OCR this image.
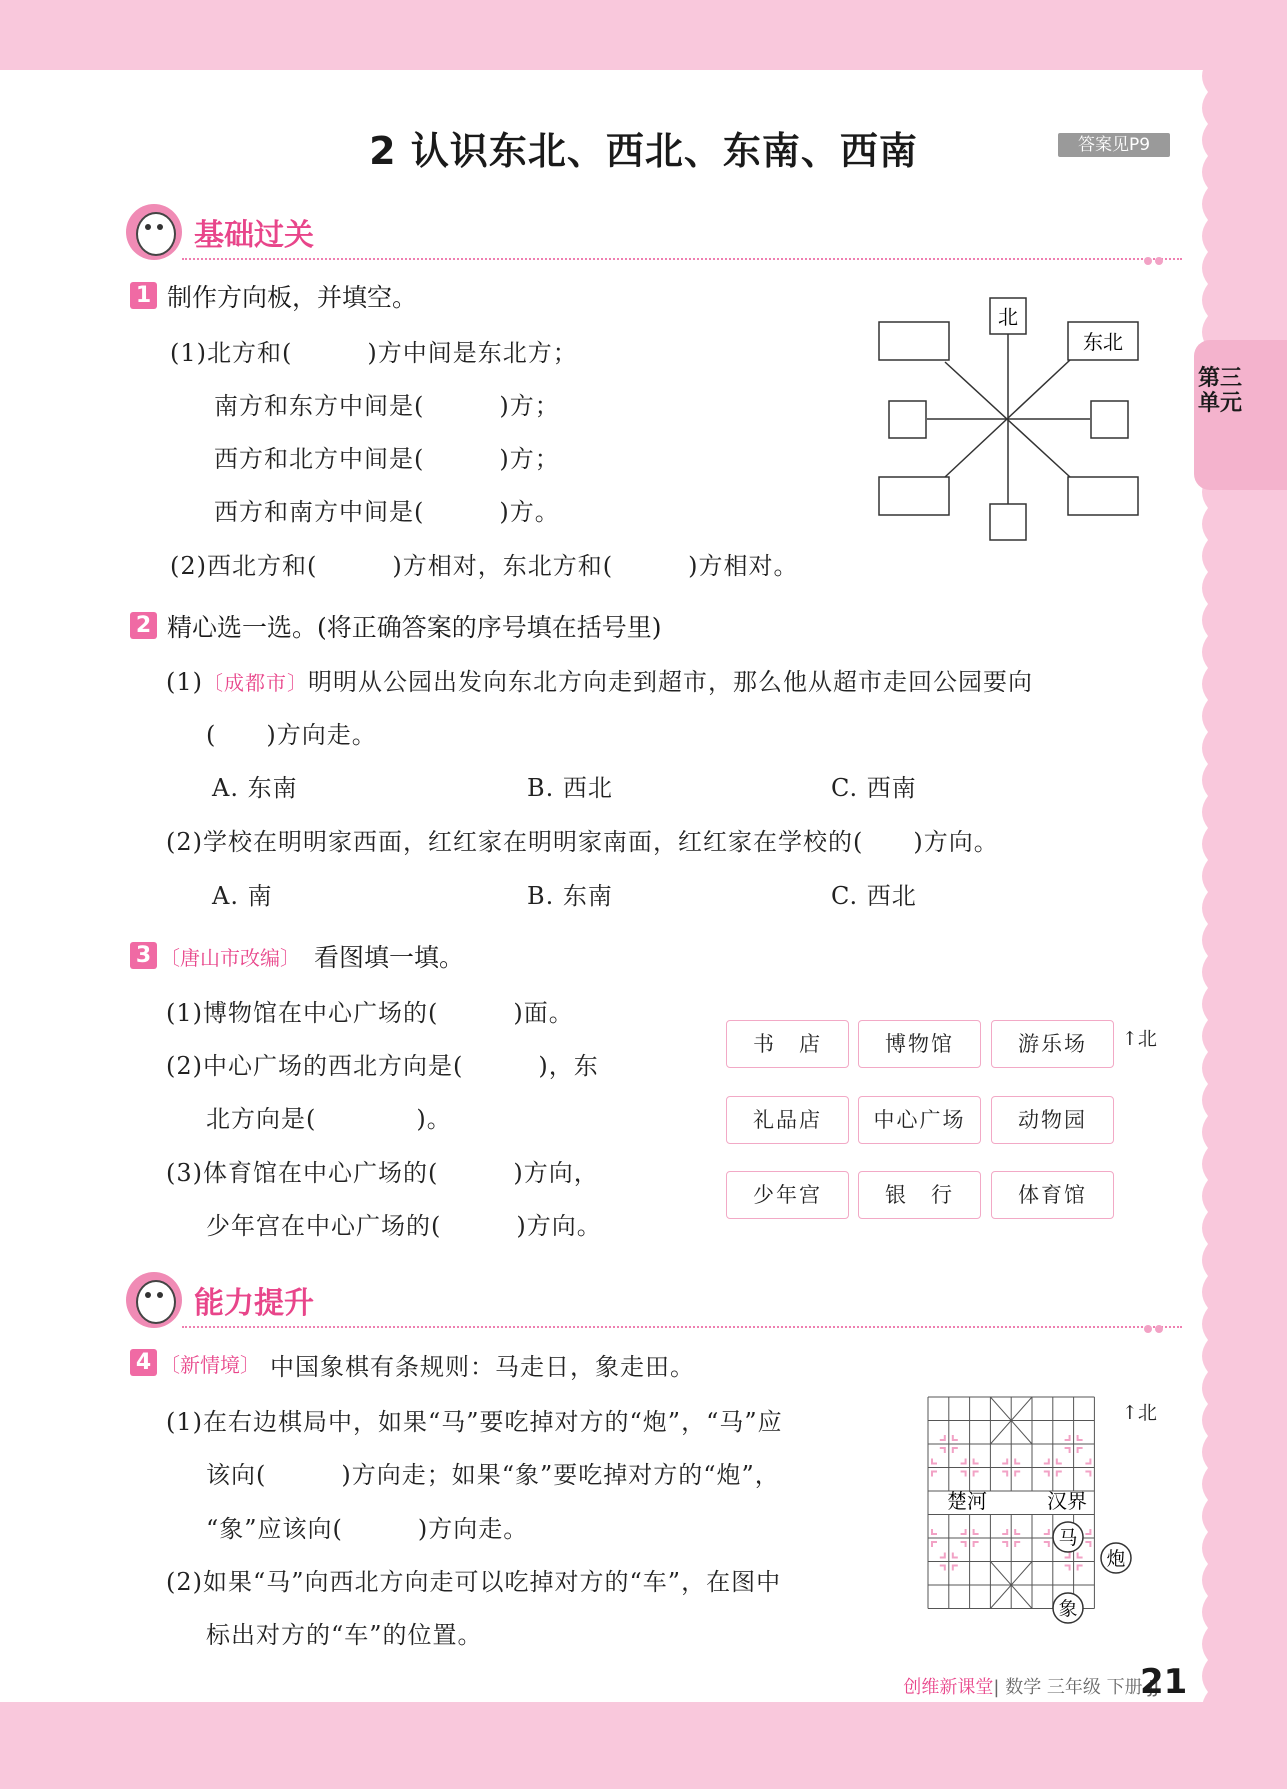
2 认识东北、西北、东南、西南	答案见P9
第三单元
基础过关
1 制作方向板，并填空。
(1)北方和(　　　)方中间是东北方；
南方和东方中间是(　　　)方；
西方和北方中间是(　　　)方；
西方和南方中间是(　　　)方。
(2)西北方和(　　　)方相对，东北方和(　　　)方相对。
北
东北
2 精心选一选。(将正确答案的序号填在括号里)
(1)〔成都市〕明明从公园出发向东北方向走到超市，那么他从超市走回公园要向
(　　)方向走。
A. 东南	B. 西北	C. 西南
(2)学校在明明家西面，红红家在明明家南面，红红家在学校的(　　)方向。
A. 南	B. 东南	C. 西北
3 〔唐山市改编〕 看图填一填。
(1)博物馆在中心广场的(　　　)面。
(2)中心广场的西北方向是(　　　)，东
北方向是(　　　　)。
(3)体育馆在中心广场的(　　　)方向，
少年宫在中心广场的(　　　)方向。
书　店	博物馆	游乐场
礼品店	中心广场	动物园
少年宫	银　行	体育馆
↑北
能力提升
4 〔新情境〕 中国象棋有条规则：马走日，象走田。
(1)在右边棋局中，如果“马”要吃掉对方的“炮”，“马”应
该向(　　　)方向走；如果“象”要吃掉对方的“炮”，
“象”应该向(　　　)方向走。
(2)如果“马”向西北方向走可以吃掉对方的“车”，在图中
标出对方的“车”的位置。
楚河	汉界
马
炮
象
↑北
创维新课堂| 数学 三年级 下册 JJ
21
